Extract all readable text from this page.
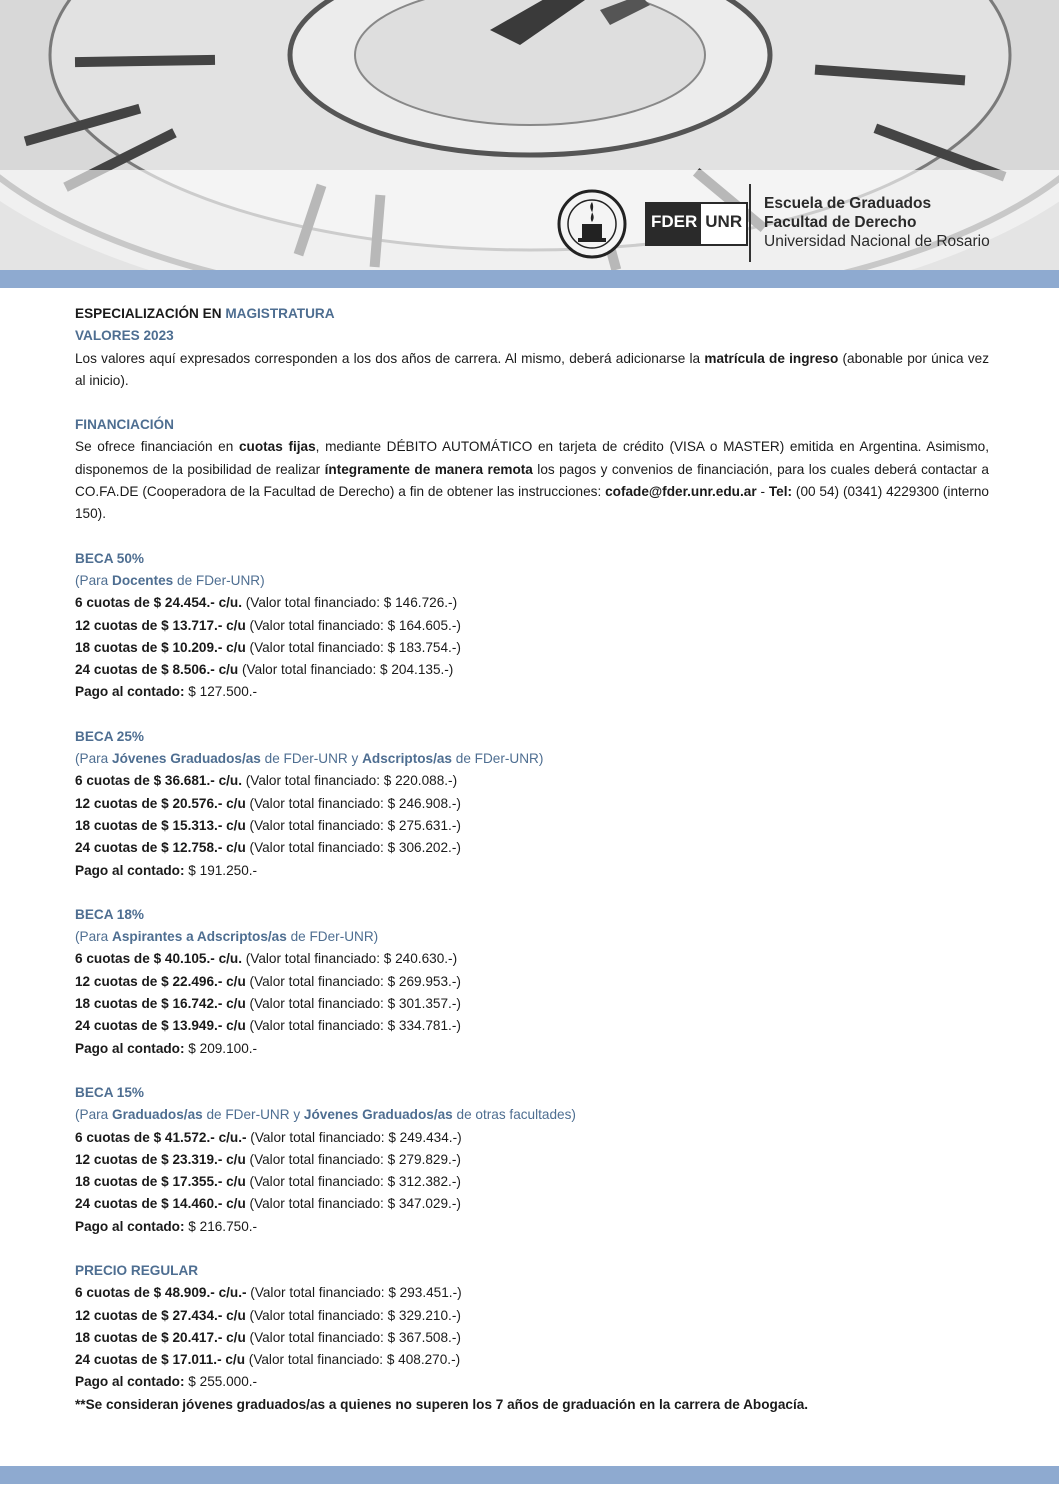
FDER UNR
Escuela de Graduados
Facultad de Derecho
Universidad Nacional de Rosario

ESPECIALIZACIÓN EN MAGISTRATURA

VALORES 2023

Los valores aquí expresados corresponden a los dos años de carrera. Al mismo, deberá adicionarse la matrícula de ingreso (abonable por única vez al inicio).

FINANCIACIÓN

Se ofrece financiación en cuotas fijas, mediante DÉBITO AUTOMÁTICO en tarjeta de crédito (VISA o MASTER) emitida en Argentina. Asimismo, disponemos de la posibilidad de realizar íntegramente de manera remota los pagos y convenios de financiación, para los cuales deberá contactar a CO.FA.DE (Cooperadora de la Facultad de Derecho) a fin de obtener las instrucciones: cofade@fder.unr.edu.ar - Tel: (00 54) (0341) 4229300 (interno 150).

BECA 50%

(Para Docentes de FDer-UNR)

6 cuotas de $ 24.454.- c/u. (Valor total financiado: $ 146.726.-)

12 cuotas de $ 13.717.- c/u (Valor total financiado: $ 164.605.-)

18 cuotas de $ 10.209.- c/u (Valor total financiado: $ 183.754.-)

24 cuotas de $ 8.506.- c/u (Valor total financiado: $ 204.135.-)

Pago al contado: $ 127.500.-

BECA 25%

(Para Jóvenes Graduados/as de FDer-UNR y Adscriptos/as de FDer-UNR)

6 cuotas de $ 36.681.- c/u. (Valor total financiado: $ 220.088.-)

12 cuotas de $ 20.576.- c/u (Valor total financiado: $ 246.908.-)

18 cuotas de $ 15.313.- c/u (Valor total financiado: $ 275.631.-)

24 cuotas de $ 12.758.- c/u (Valor total financiado: $ 306.202.-)

Pago al contado: $ 191.250.-

BECA 18%

(Para Aspirantes a Adscriptos/as de FDer-UNR)

6 cuotas de $ 40.105.- c/u. (Valor total financiado: $ 240.630.-)

12 cuotas de $ 22.496.- c/u (Valor total financiado: $ 269.953.-)

18 cuotas de $ 16.742.- c/u (Valor total financiado: $ 301.357.-)

24 cuotas de $ 13.949.- c/u (Valor total financiado: $ 334.781.-)

Pago al contado: $ 209.100.-

BECA 15%

(Para Graduados/as de FDer-UNR y Jóvenes Graduados/as de otras facultades)

6 cuotas de $ 41.572.- c/u.- (Valor total financiado: $ 249.434.-)

12 cuotas de $ 23.319.- c/u (Valor total financiado: $ 279.829.-)

18 cuotas de $ 17.355.- c/u (Valor total financiado: $ 312.382.-)

24 cuotas de $ 14.460.- c/u (Valor total financiado: $ 347.029.-)

Pago al contado: $ 216.750.-

PRECIO REGULAR

6 cuotas de $ 48.909.- c/u.- (Valor total financiado: $ 293.451.-)

12 cuotas de $ 27.434.- c/u (Valor total financiado: $ 329.210.-)

18 cuotas de $ 20.417.- c/u (Valor total financiado: $ 367.508.-)

24 cuotas de $ 17.011.- c/u (Valor total financiado: $ 408.270.-)

Pago al contado: $ 255.000.-

**Se consideran jóvenes graduados/as a quienes no superen los 7 años de graduación en la carrera de Abogacía.
